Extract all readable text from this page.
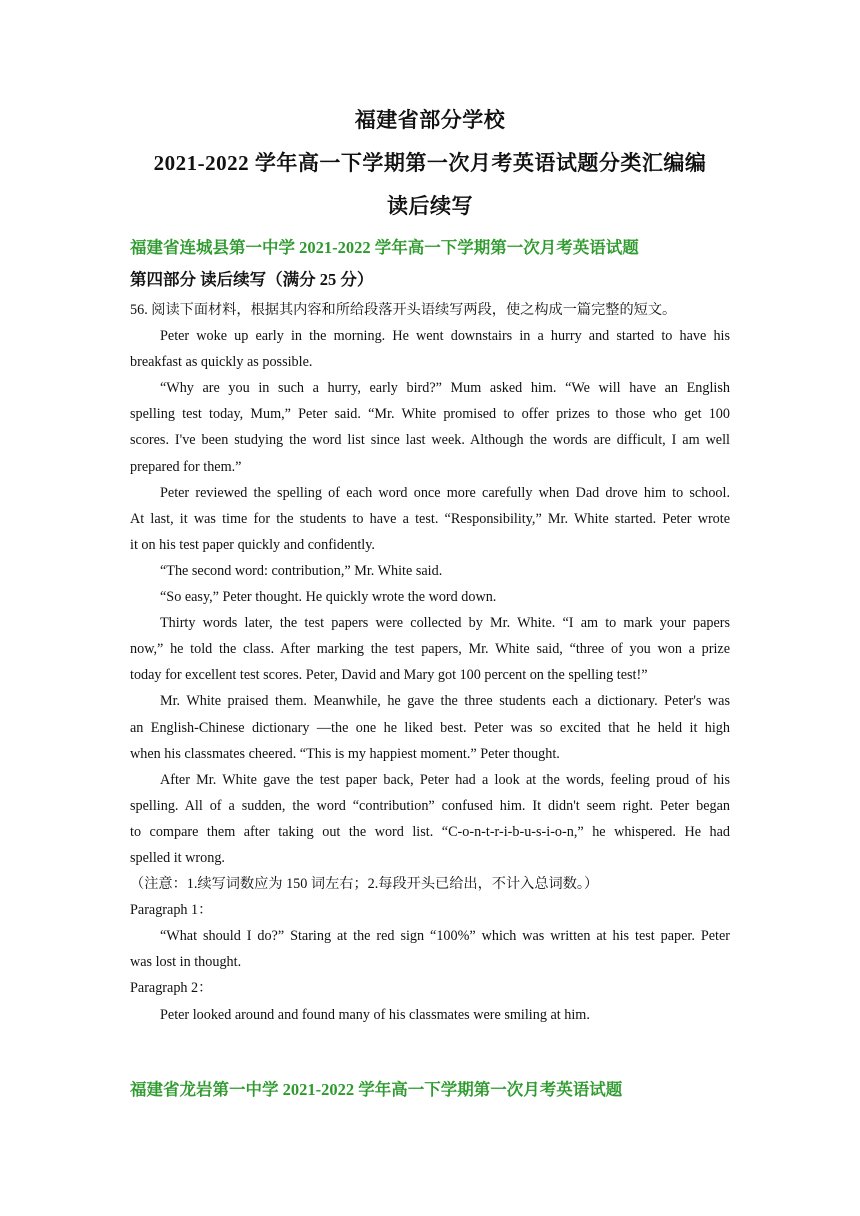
福建省部分学校
2021-2022 学年高一下学期第一次月考英语试题分类汇编编
读后续写
福建省连城县第一中学 2021-2022 学年高一下学期第一次月考英语试题
第四部分 读后续写（满分 25 分）
56. 阅读下面材料，根据其内容和所给段落开头语续写两段，使之构成一篇完整的短文。
Peter woke up early in the morning. He went downstairs in a hurry and started to have his
breakfast as quickly as possible.
“Why are you in such a hurry, early bird?” Mum asked him. “We will have an English
spelling test today, Mum,” Peter said. “Mr. White promised to offer prizes to those who get 100
scores. I've been studying the word list since last week. Although the words are difficult, I am well
prepared for them.”
Peter reviewed the spelling of each word once more carefully when Dad drove him to school.
At last, it was time for the students to have a test. “Responsibility,” Mr. White started. Peter wrote
it on his test paper quickly and confidently.
“The second word: contribution,” Mr. White said.
“So easy,” Peter thought. He quickly wrote the word down.
Thirty words later, the test papers were collected by Mr. White. “I am to mark your papers
now,” he told the class. After marking the test papers, Mr. White said, “three of you won a prize
today for excellent test scores. Peter, David and Mary got 100 percent on the spelling test!”
Mr. White praised them. Meanwhile, he gave the three students each a dictionary. Peter's was
an English-Chinese dictionary —the one he liked best. Peter was so excited that he held it high
when his classmates cheered. “This is my happiest moment.” Peter thought.
After Mr. White gave the test paper back, Peter had a look at the words, feeling proud of his
spelling. All of a sudden, the word “contribution” confused him. It didn't seem right. Peter began
to compare them after taking out the word list. “C-o-n-t-r-i-b-u-s-i-o-n,” he whispered. He had
spelled it wrong.
（注意：1.续写词数应为 150 词左右；2.每段开头已给出，不计入总词数。）
Paragraph 1：
“What should I do?” Staring at the red sign “100%” which was written at his test paper. Peter
was lost in thought.
Paragraph 2：
Peter looked around and found many of his classmates were smiling at him.
福建省龙岩第一中学 2021-2022 学年高一下学期第一次月考英语试题
